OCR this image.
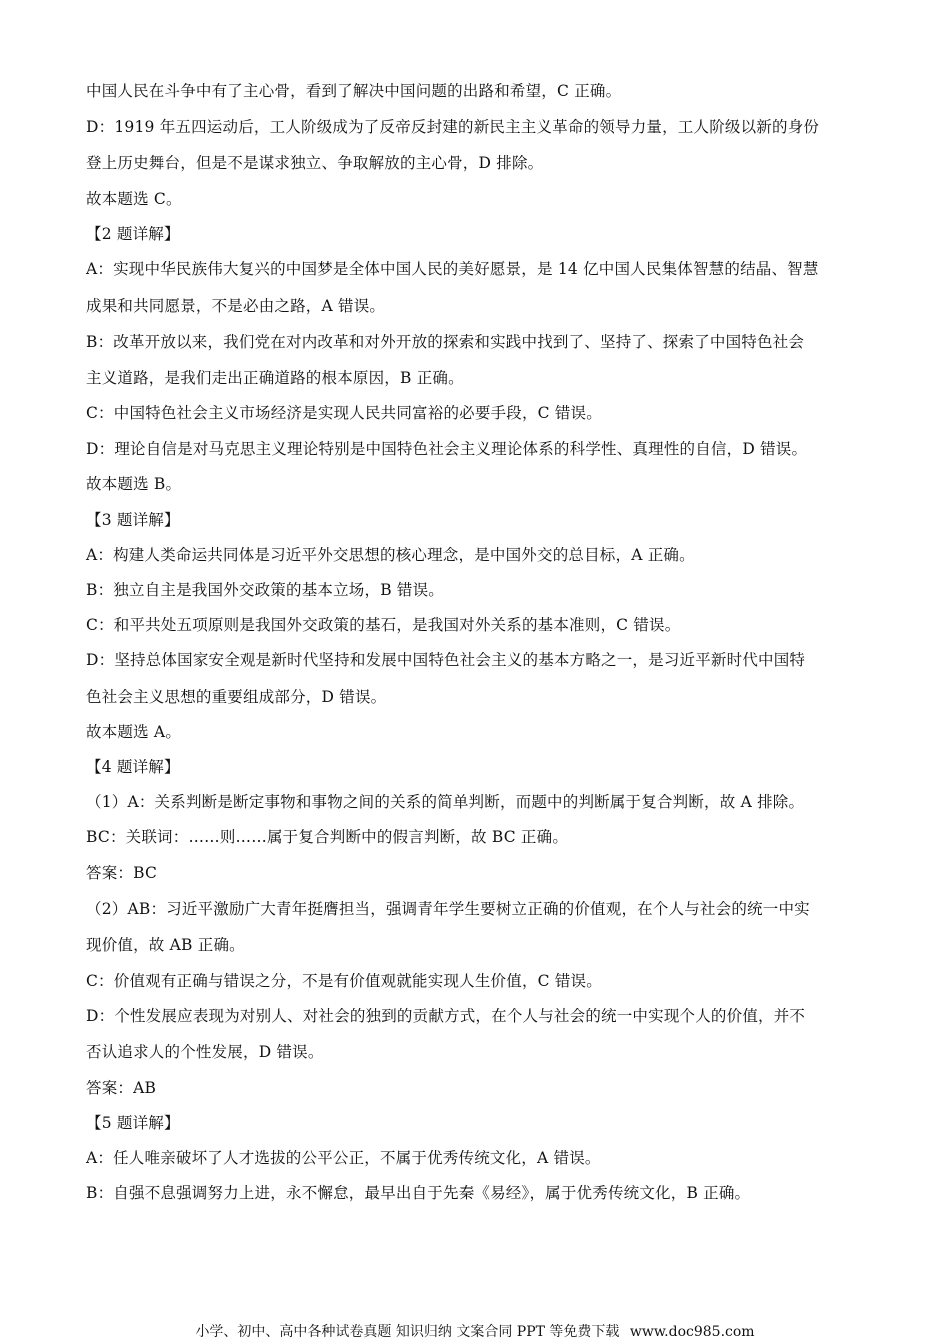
中国人民在斗争中有了主心骨，看到了解决中国问题的出路和希望，C 正确。
D：1919 年五四运动后，工人阶级成为了反帝反封建的新民主主义革命的领导力量，工人阶级以新的身份
登上历史舞台，但是不是谋求独立、争取解放的主心骨，D 排除。
故本题选 C。
【2 题详解】
A：实现中华民族伟大复兴的中国梦是全体中国人民的美好愿景，是 14 亿中国人民集体智慧的结晶、智慧
成果和共同愿景，不是必由之路，A 错误。
B：改革开放以来，我们党在对内改革和对外开放的探索和实践中找到了、坚持了、探索了中国特色社会
主义道路，是我们走出正确道路的根本原因，B 正确。
C：中国特色社会主义市场经济是实现人民共同富裕的必要手段，C 错误。
D：理论自信是对马克思主义理论特别是中国特色社会主义理论体系的科学性、真理性的自信，D 错误。
故本题选 B。
【3 题详解】
A：构建人类命运共同体是习近平外交思想的核心理念，是中国外交的总目标，A 正确。
B：独立自主是我国外交政策的基本立场，B 错误。
C：和平共处五项原则是我国外交政策的基石，是我国对外关系的基本准则，C 错误。
D：坚持总体国家安全观是新时代坚持和发展中国特色社会主义的基本方略之一，是习近平新时代中国特
色社会主义思想的重要组成部分，D 错误。
故本题选 A。
【4 题详解】
（1）A：关系判断是断定事物和事物之间的关系的简单判断，而题中的判断属于复合判断，故 A 排除。
BC：关联词：……则……属于复合判断中的假言判断，故 BC 正确。
答案：BC
（2）AB：习近平激励广大青年挺膺担当，强调青年学生要树立正确的价值观，在个人与社会的统一中实
现价值，故 AB 正确。
C：价值观有正确与错误之分，不是有价值观就能实现人生价值，C 错误。
D：个性发展应表现为对别人、对社会的独到的贡献方式，在个人与社会的统一中实现个人的价值，并不
否认追求人的个性发展，D 错误。
答案：AB
【5 题详解】
A：任人唯亲破坏了人才选拔的公平公正，不属于优秀传统文化，A 错误。
B：自强不息强调努力上进，永不懈怠，最早出自于先秦《易经》，属于优秀传统文化，B 正确。
小学、初中、高中各种试卷真题 知识归纳 文案合同 PPT 等免费下载 www.doc985.com
